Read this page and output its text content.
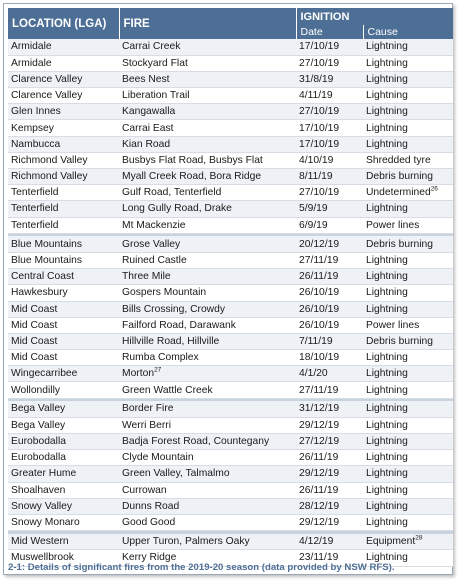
LOCATION (LGA)	FIRE	IGNITION	
		Date	Cause
Armidale	Carrai Creek	17/10/19	Lightning
Armidale	Stockyard Flat	27/10/19	Lightning
Clarence Valley	Bees Nest	31/8/19	Lightning
Clarence Valley	Liberation Trail	4/11/19	Lightning
Glen Innes	Kangawalla	27/10/19	Lightning
Kempsey	Carrai East	17/10/19	Lightning
Nambucca	Kian Road	17/10/19	Lightning
Richmond Valley	Busbys Flat Road, Busbys Flat	4/10/19	Shredded tyre
Richmond Valley	Myall Creek Road, Bora Ridge	8/11/19	Debris burning
Tenterfield	Gulf Road, Tenterfield	27/10/19	Undetermined$^{26}$
Tenterfield	Long Gully Road, Drake	5/9/19	Lightning
Tenterfield	Mt Mackenzie	6/9/19	Power lines

Blue Mountains	Grose Valley	20/12/19	Debris burning
Blue Mountains	Ruined Castle	27/11/19	Lightning
Central Coast	Three Mile	26/11/19	Lightning
Hawkesbury	Gospers Mountain	26/10/19	Lightning
Mid Coast	Bills Crossing, Crowdy	26/10/19	Lightning
Mid Coast	Failford Road, Darawank	26/10/19	Power lines
Mid Coast	Hillville Road, Hillville	7/11/19	Debris burning
Mid Coast	Rumba Complex	18/10/19	Lightning
Wingecarribee	Morton$^{27}$	4/1/20	Lightning
Wollondilly	Green Wattle Creek	27/11/19	Lightning

Bega Valley	Border Fire	31/12/19	Lightning
Bega Valley	Werri Berri	29/12/19	Lightning
Eurobodalla	Badja Forest Road, Countegany	27/12/19	Lightning
Eurobodalla	Clyde Mountain	26/11/19	Lightning
Greater Hume	Green Valley, Talmalmo	29/12/19	Lightning
Shoalhaven	Currowan	26/11/19	Lightning
Snowy Valley	Dunns Road	28/12/19	Lightning
Snowy Monaro	Good Good	29/12/19	Lightning

Mid Western	Upper Turon, Palmers Oaky	4/12/19	Equipment$^{28}$
Muswellbrook	Kerry Ridge	23/11/19	Lightning
2-1: Details of significant fires from the 2019-20 season (data provided by NSW RFS).
